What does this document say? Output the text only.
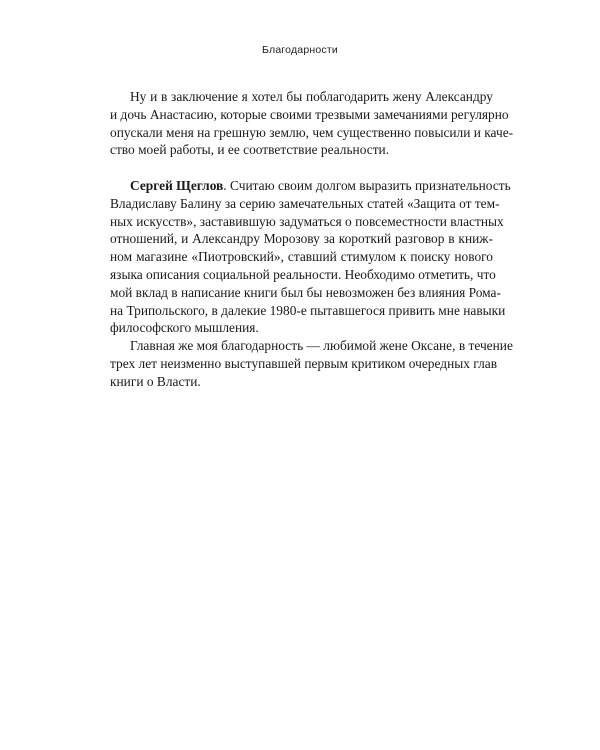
Благодарности
Ну и в заключение я хотел бы поблагодарить жену Александру
и дочь Анастасию, которые своими трезвыми замечаниями регулярно
опускали меня на грешную землю, чем существенно повысили и каче-
ство моей работы, и ее соответствие реальности.
Сергей Щеглов. Считаю своим долгом выразить признательность
Владиславу Балину за серию замечательных статей «Защита от тем-
ных искусств», заставившую задуматься о повсеместности властных
отношений, и Александру Морозову за короткий разговор в книж-
ном магазине «Пиотровский», ставший стимулом к поиску нового
языка описания социальной реальности. Необходимо отметить, что
мой вклад в написание книги был бы невозможен без влияния Рома-
на Трипольского, в далекие 1980-е пытавшегося привить мне навыки
философского мышления.
Главная же моя благодарность — любимой жене Оксане, в течение
трех лет неизменно выступавшей первым критиком очередных глав
книги о Власти.
